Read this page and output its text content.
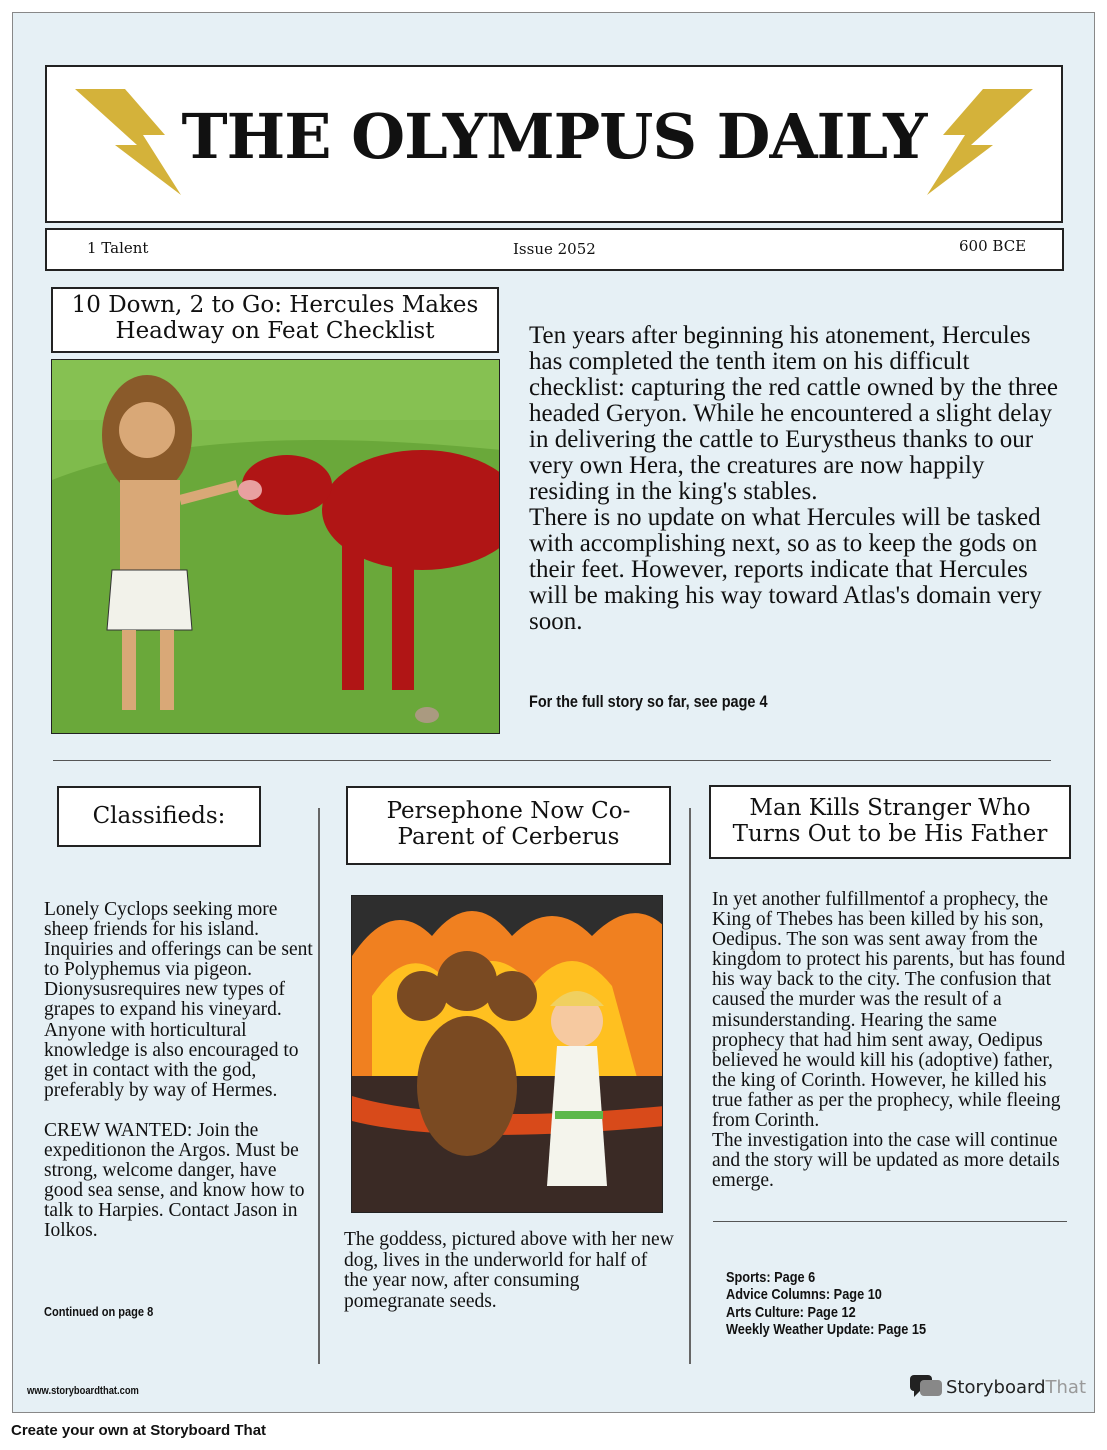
THE OLYMPUS DAILY
1 Talent	Issue 2052	600 BCE
10 Down, 2 to Go: Hercules Makes Headway on Feat Checklist	Ten years after beginning his atonement, Hercules has completed the tenth item on his difficult checklist: capturing the red cattle owned by the three headed Geryon. While he encountered a slight delay in delivering the cattle to Eurystheus thanks to our very own Hera, the creatures are now happily residing in the king's stables.

There is no update on what Hercules will be tasked with accomplishing next, so as to keep the gods on their feet. However, reports indicate that Hercules will be making his way toward Atlas's domain very soon.

For the full story so far, see page 4
Classifieds:

Lonely Cyclops seeking more sheep friends for his island. Inquiries and offerings can be sent to Polyphemus via pigeon.

Dionysusrequires new types of grapes to expand his vineyard. Anyone with horticultural knowledge is also encouraged to get in contact with the god, preferably by way of Hermes.

CREW WANTED: Join the expeditionon the Argos. Must be strong, welcome danger, have good sea sense, and know how to talk to Harpies. Contact Jason in Iolkos.

Continued on page 8
Persephone Now Co-Parent of Cerberus
The goddess, pictured above with her new dog, lives in the underworld for half of the year now, after consuming pomegranate seeds.
Man Kills Stranger Who Turns Out to be His Father

In yet another fulfillmentof a prophecy, the King of Thebes has been killed by his son, Oedipus. The son was sent away from the kingdom to protect his parents, but has found his way back to the city. The confusion that caused the murder was the result of a misunderstanding. Hearing the same prophecy that had him sent away, Oedipus believed he would kill his (adoptive) father, the king of Corinth. However, he killed his true father as per the prophecy, while fleeing from Corinth.

The investigation into the case will continue and the story will be updated as more details emerge.

Sports: Page 6
Advice Columns: Page 10
Arts Culture: Page 12
Weekly Weather Update: Page 15
www.storyboardthat.com	Storyboard That
Create your own at Storyboard That
